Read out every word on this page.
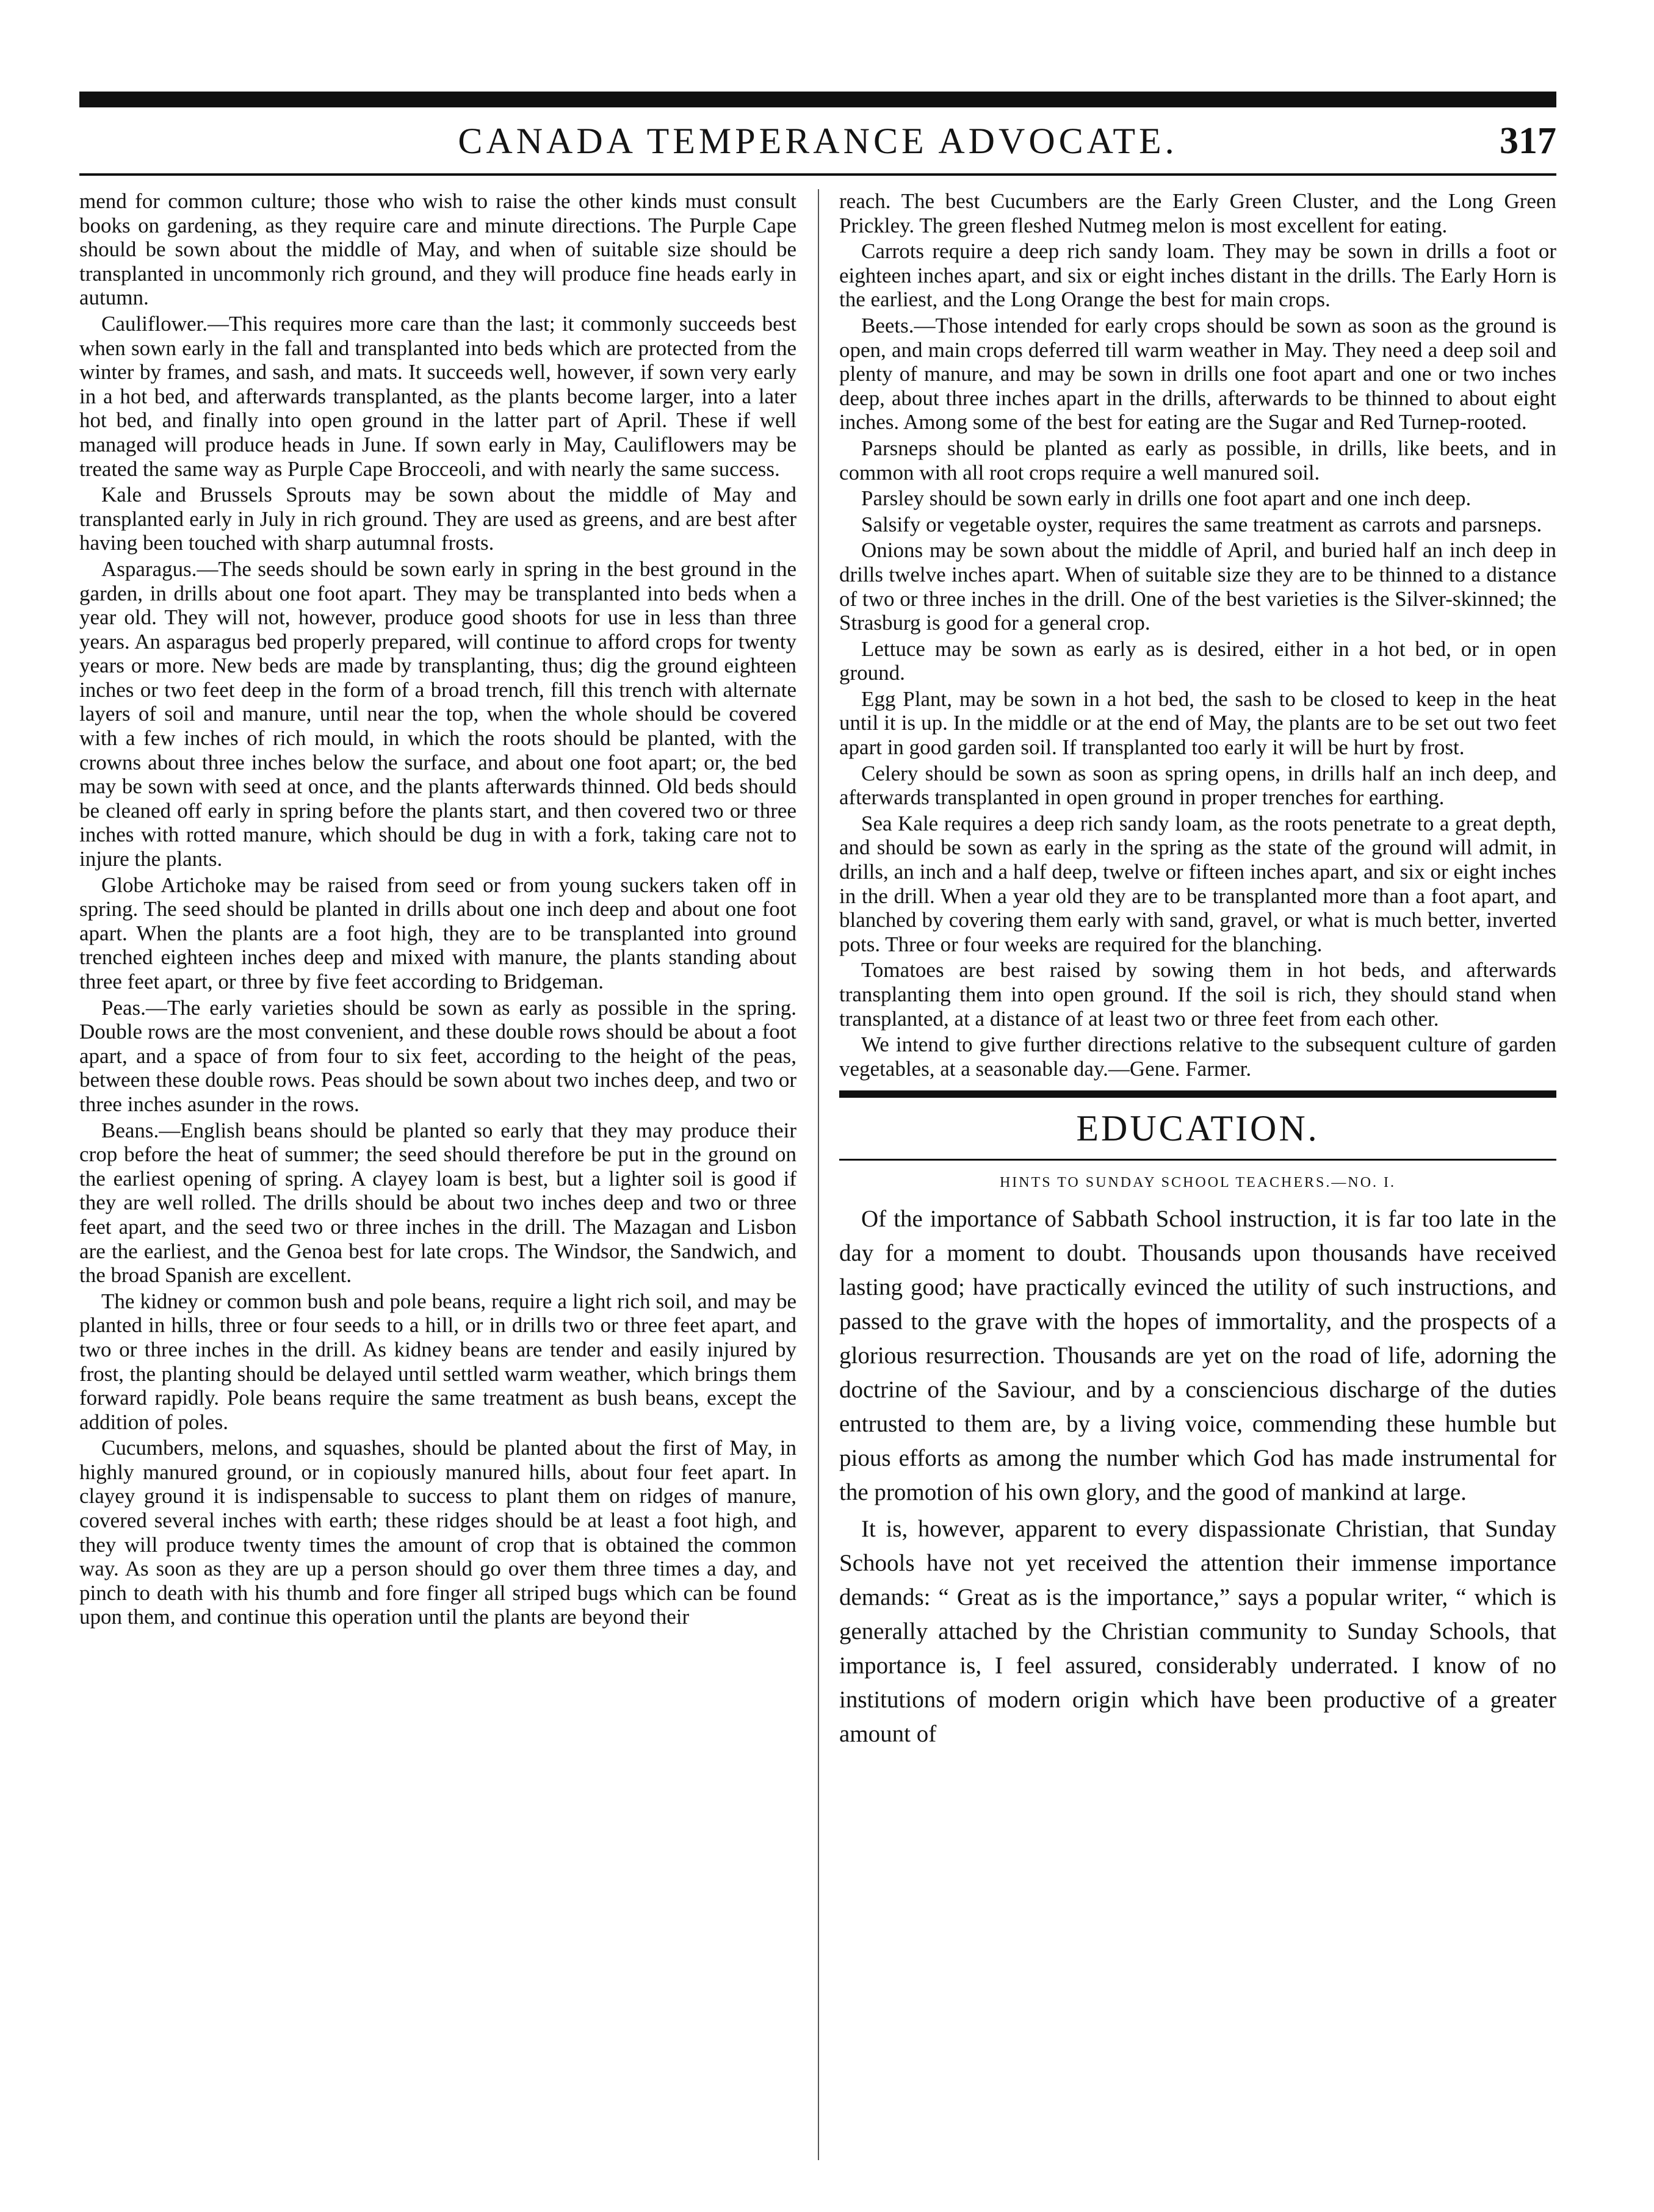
CANADA TEMPERANCE ADVOCATE.	317

mend for common culture; those who wish to raise the other kinds must consult books on gardening, as they require care and minute directions. The Purple Cape should be sown about the middle of May, and when of suitable size should be transplanted in uncommonly rich ground, and they will produce fine heads early in autumn.

Cauliflower.—This requires more care than the last; it commonly succeeds best when sown early in the fall and transplanted into beds which are protected from the winter by frames, and sash, and mats. It succeeds well, however, if sown very early in a hot bed, and afterwards transplanted, as the plants become larger, into a later hot bed, and finally into open ground in the latter part of April. These if well managed will produce heads in June. If sown early in May, Cauliflowers may be treated the same way as Purple Cape Brocceoli, and with nearly the same success.

Kale and Brussels Sprouts may be sown about the middle of May and transplanted early in July in rich ground. They are used as greens, and are best after having been touched with sharp autumnal frosts.

Asparagus.—The seeds should be sown early in spring in the best ground in the garden, in drills about one foot apart. They may be transplanted into beds when a year old. They will not, however, produce good shoots for use in less than three years. An asparagus bed properly prepared, will continue to afford crops for twenty years or more. New beds are made by transplanting, thus; dig the ground eighteen inches or two feet deep in the form of a broad trench, fill this trench with alternate layers of soil and manure, until near the top, when the whole should be covered with a few inches of rich mould, in which the roots should be planted, with the crowns about three inches below the surface, and about one foot apart; or, the bed may be sown with seed at once, and the plants afterwards thinned. Old beds should be cleaned off early in spring before the plants start, and then covered two or three inches with rotted manure, which should be dug in with a fork, taking care not to injure the plants.

Globe Artichoke may be raised from seed or from young suckers taken off in spring. The seed should be planted in drills about one inch deep and about one foot apart. When the plants are a foot high, they are to be transplanted into ground trenched eighteen inches deep and mixed with manure, the plants standing about three feet apart, or three by five feet according to Bridgeman.

Peas.—The early varieties should be sown as early as possible in the spring. Double rows are the most convenient, and these double rows should be about a foot apart, and a space of from four to six feet, according to the height of the peas, between these double rows. Peas should be sown about two inches deep, and two or three inches asunder in the rows.

Beans.—English beans should be planted so early that they may produce their crop before the heat of summer; the seed should therefore be put in the ground on the earliest opening of spring. A clayey loam is best, but a lighter soil is good if they are well rolled. The drills should be about two inches deep and two or three feet apart, and the seed two or three inches in the drill. The Mazagan and Lisbon are the earliest, and the Genoa best for late crops. The Windsor, the Sandwich, and the broad Spanish are excellent.

The kidney or common bush and pole beans, require a light rich soil, and may be planted in hills, three or four seeds to a hill, or in drills two or three feet apart, and two or three inches in the drill. As kidney beans are tender and easily injured by frost, the planting should be delayed until settled warm weather, which brings them forward rapidly. Pole beans require the same treatment as bush beans, except the addition of poles.

Cucumbers, melons, and squashes, should be planted about the first of May, in highly manured ground, or in copiously manured hills, about four feet apart. In clayey ground it is indispensable to success to plant them on ridges of manure, covered several inches with earth; these ridges should be at least a foot high, and they will produce twenty times the amount of crop that is obtained the common way. As soon as they are up a person should go over them three times a day, and pinch to death with his thumb and fore finger all striped bugs which can be found upon them, and continue this operation until the plants are beyond their

reach. The best Cucumbers are the Early Green Cluster, and the Long Green Prickley. The green fleshed Nutmeg melon is most excellent for eating.

Carrots require a deep rich sandy loam. They may be sown in drills a foot or eighteen inches apart, and six or eight inches distant in the drills. The Early Horn is the earliest, and the Long Orange the best for main crops.

Beets.—Those intended for early crops should be sown as soon as the ground is open, and main crops deferred till warm weather in May. They need a deep soil and plenty of manure, and may be sown in drills one foot apart and one or two inches deep, about three inches apart in the drills, afterwards to be thinned to about eight inches. Among some of the best for eating are the Sugar and Red Turnep-rooted.

Parsneps should be planted as early as possible, in drills, like beets, and in common with all root crops require a well manured soil.

Parsley should be sown early in drills one foot apart and one inch deep.

Salsify or vegetable oyster, requires the same treatment as carrots and parsneps.

Onions may be sown about the middle of April, and buried half an inch deep in drills twelve inches apart. When of suitable size they are to be thinned to a distance of two or three inches in the drill. One of the best varieties is the Silver-skinned; the Strasburg is good for a general crop.

Lettuce may be sown as early as is desired, either in a hot bed, or in open ground.

Egg Plant, may be sown in a hot bed, the sash to be closed to keep in the heat until it is up. In the middle or at the end of May, the plants are to be set out two feet apart in good garden soil. If transplanted too early it will be hurt by frost.

Celery should be sown as soon as spring opens, in drills half an inch deep, and afterwards transplanted in open ground in proper trenches for earthing.

Sea Kale requires a deep rich sandy loam, as the roots penetrate to a great depth, and should be sown as early in the spring as the state of the ground will admit, in drills, an inch and a half deep, twelve or fifteen inches apart, and six or eight inches in the drill. When a year old they are to be transplanted more than a foot apart, and blanched by covering them early with sand, gravel, or what is much better, inverted pots. Three or four weeks are required for the blanching.

Tomatoes are best raised by sowing them in hot beds, and afterwards transplanting them into open ground. If the soil is rich, they should stand when transplanted, at a distance of at least two or three feet from each other.

We intend to give further directions relative to the subsequent culture of garden vegetables, at a seasonable day.—Gene. Farmer.

EDUCATION.
HINTS TO SUNDAY SCHOOL TEACHERS.—NO. I.

Of the importance of Sabbath School instruction, it is far too late in the day for a moment to doubt. Thousands upon thousands have received lasting good; have practically evinced the utility of such instructions, and passed to the grave with the hopes of immortality, and the prospects of a glorious resurrection. Thousands are yet on the road of life, adorning the doctrine of the Saviour, and by a consciencious discharge of the duties entrusted to them are, by a living voice, commending these humble but pious efforts as among the number which God has made instrumental for the promotion of his own glory, and the good of mankind at large.

It is, however, apparent to every dispassionate Christian, that Sunday Schools have not yet received the attention their immense importance demands: “ Great as is the importance,” says a popular writer, “ which is generally attached by the Christian community to Sunday Schools, that importance is, I feel assured, considerably underrated. I know of no institutions of modern origin which have been productive of a greater amount of
